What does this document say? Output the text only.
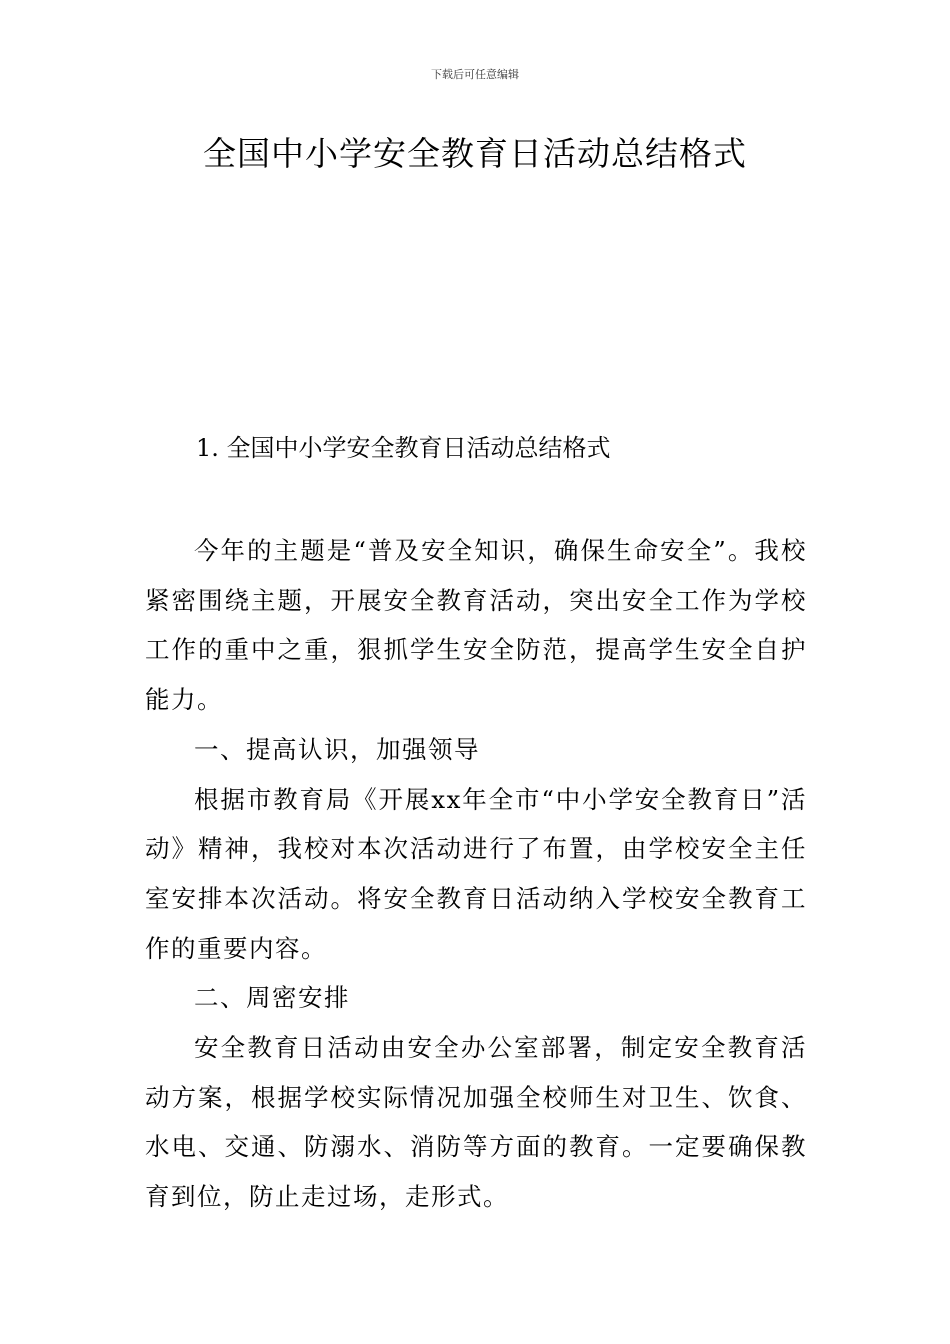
下载后可任意编辑
全国中小学安全教育日活动总结格式
1. 全国中小学安全教育日活动总结格式

今年的主题是“普及安全知识，确保生命安全”。我校紧密围绕主题，开展安全教育活动，突出安全工作为学校工作的重中之重，狠抓学生安全防范，提高学生安全自护能力。

一、提高认识，加强领导

根据市教育局《开展xx年全市“中小学安全教育日”活动》精神，我校对本次活动进行了布置，由学校安全主任室安排本次活动。将安全教育日活动纳入学校安全教育工作的重要内容。

二、周密安排

安全教育日活动由安全办公室部署，制定安全教育活动方案，根据学校实际情况加强全校师生对卫生、饮食、水电、交通、防溺水、消防等方面的教育。一定要确保教育到位，防止走过场，走形式。
